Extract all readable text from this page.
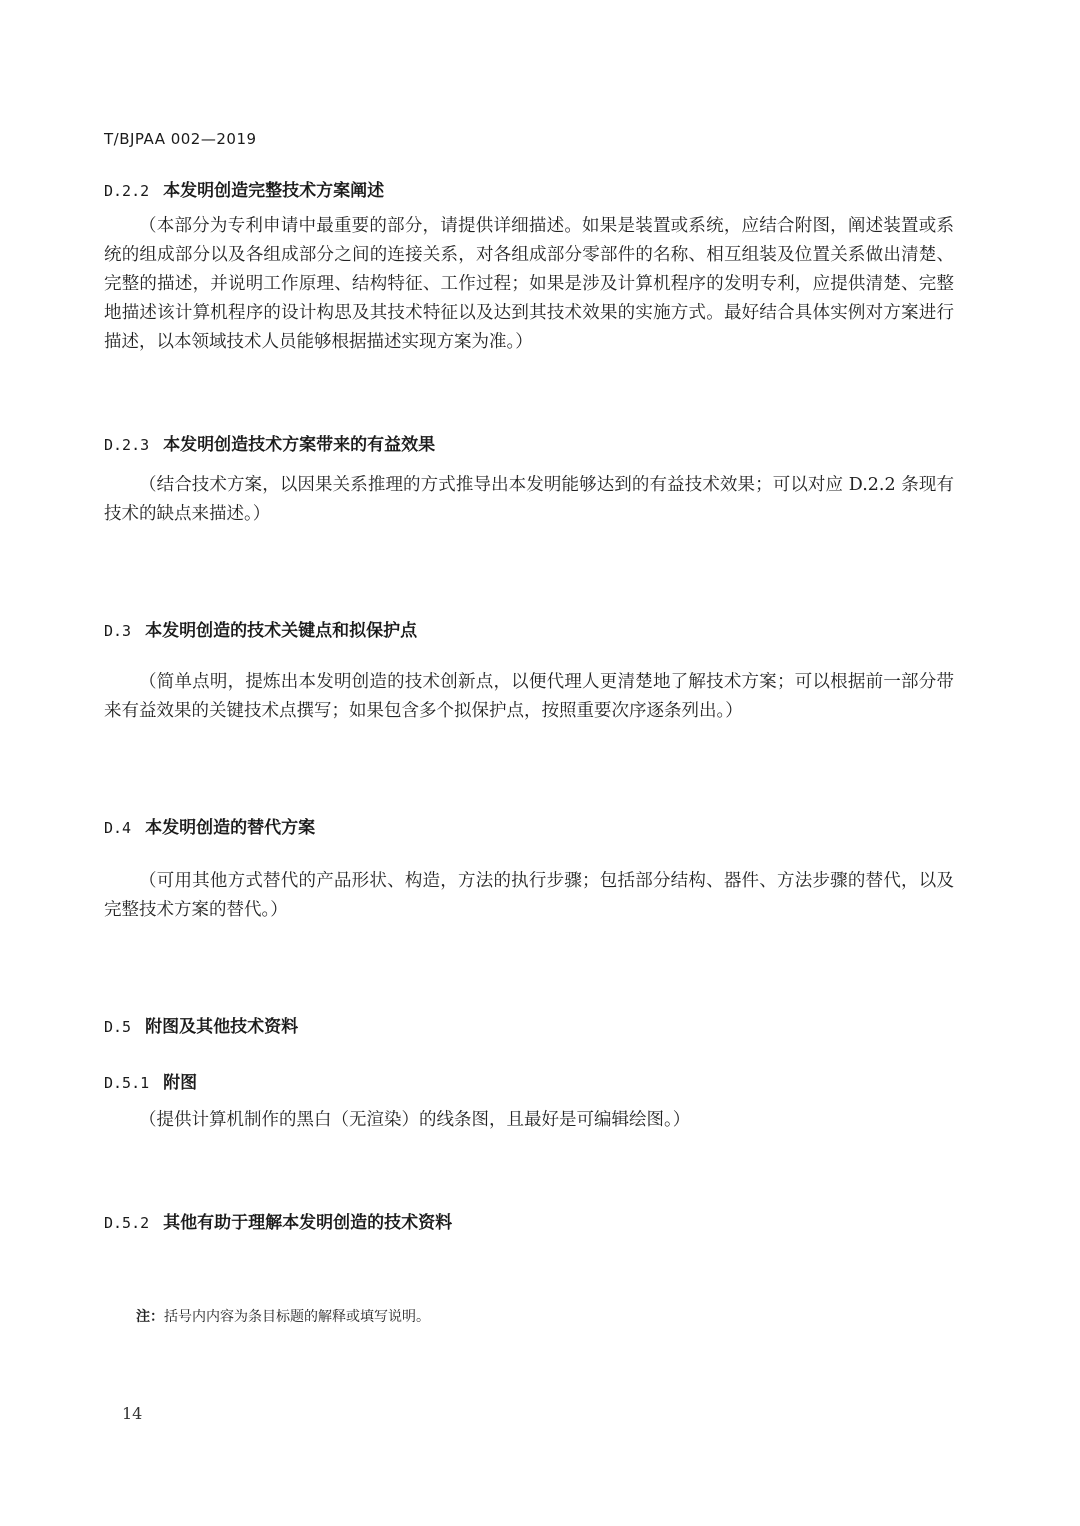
T/BJPAA 002—2019
D.2.2 本发明创造完整技术方案阐述
（本部分为专利申请中最重要的部分，请提供详细描述。如果是装置或系统，应结合附图，阐述装置或系统的组成部分以及各组成部分之间的连接关系，对各组成部分零部件的名称、相互组装及位置关系做出清楚、完整的描述，并说明工作原理、结构特征、工作过程；如果是涉及计算机程序的发明专利，应提供清楚、完整地描述该计算机程序的设计构思及其技术特征以及达到其技术效果的实施方式。最好结合具体实例对方案进行描述，以本领域技术人员能够根据描述实现方案为准。）
D.2.3 本发明创造技术方案带来的有益效果
（结合技术方案，以因果关系推理的方式推导出本发明能够达到的有益技术效果；可以对应 D.2.2 条现有技术的缺点来描述。）
D.3 本发明创造的技术关键点和拟保护点
（简单点明，提炼出本发明创造的技术创新点，以便代理人更清楚地了解技术方案；可以根据前一部分带来有益效果的关键技术点撰写；如果包含多个拟保护点，按照重要次序逐条列出。）
D.4 本发明创造的替代方案
（可用其他方式替代的产品形状、构造，方法的执行步骤；包括部分结构、器件、方法步骤的替代，以及完整技术方案的替代。）
D.5 附图及其他技术资料
D.5.1 附图
（提供计算机制作的黑白（无渲染）的线条图，且最好是可编辑绘图。）
D.5.2 其他有助于理解本发明创造的技术资料
注：括号内内容为条目标题的解释或填写说明。
14
